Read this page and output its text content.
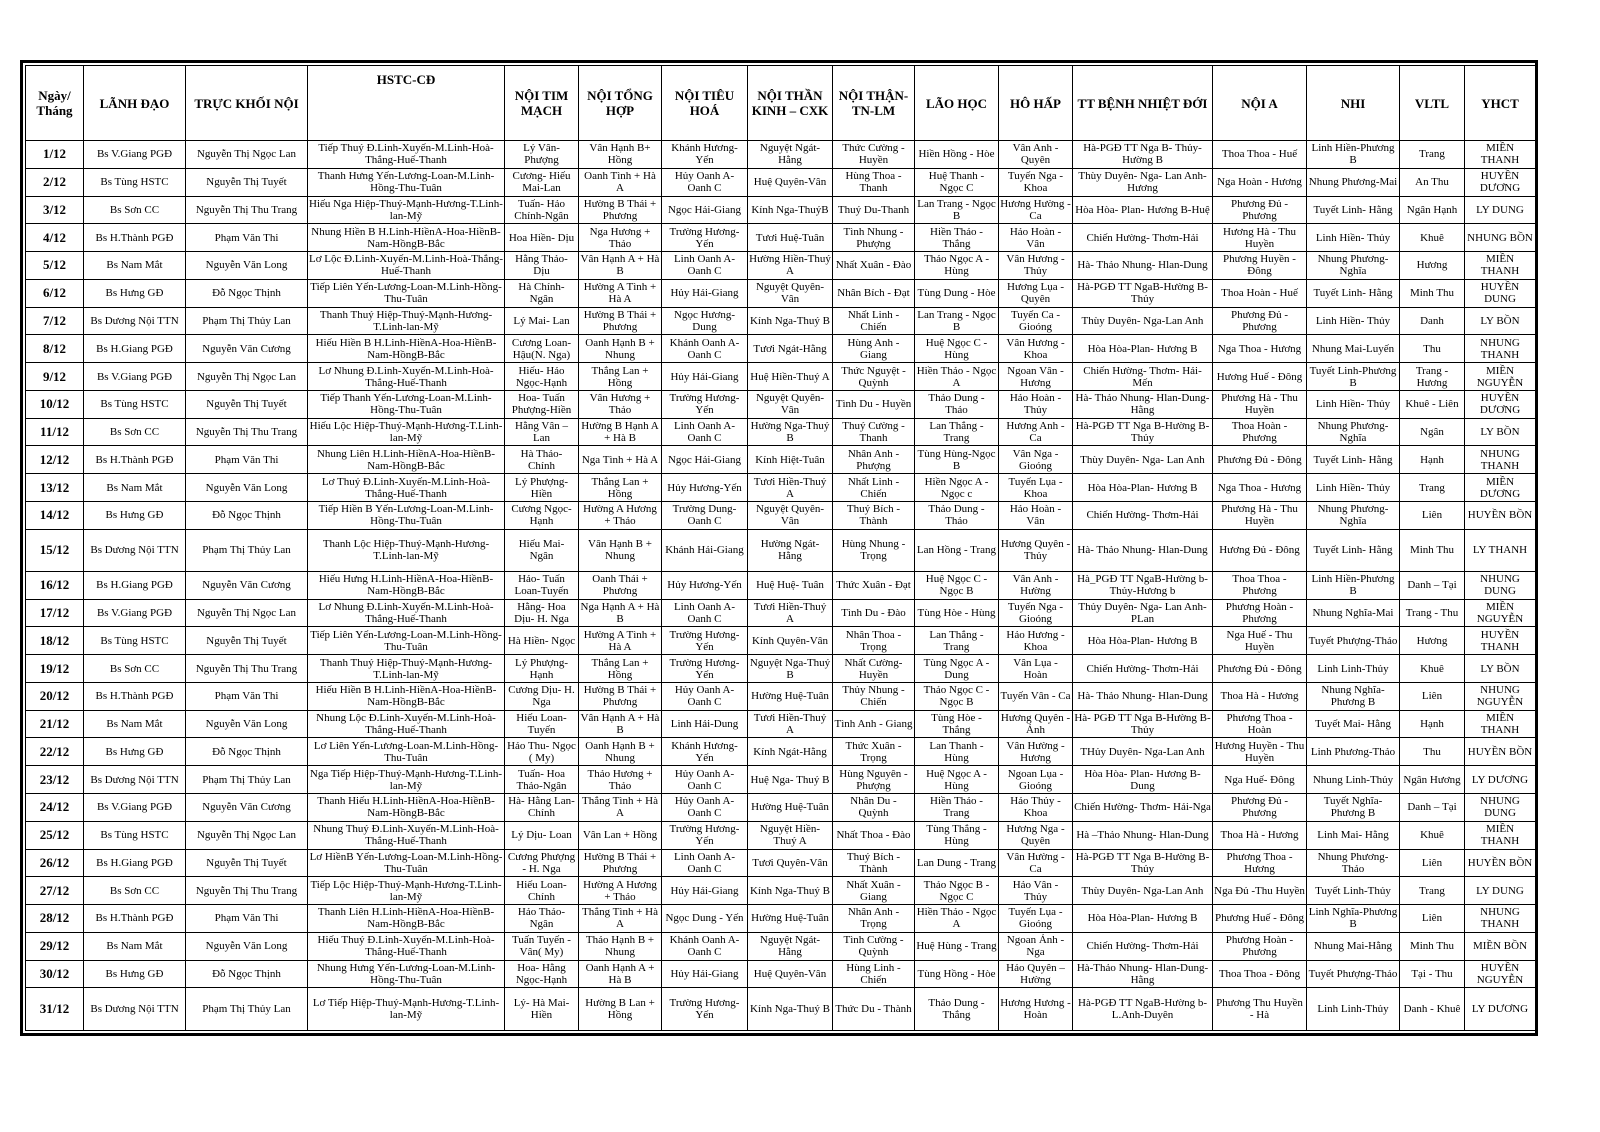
Ngày/ Tháng	LÃNH ĐẠO	TRỰC KHỐI NỘI	HSTC-CĐ	NỘI TIM MẠCH	NỘI TỔNG HỢP	NỘI TIÊU HOÁ	NỘI THẦN KINH – CXK	NỘI THẬN-TN-LM	LÃO HỌC	HÔ HẤP	TT BỆNH NHIỆT ĐỚI	NỘI A	NHI	VLTL	YHCT
1/12	Bs V.Giang PGĐ	Nguyễn Thị Ngọc Lan	Tiếp Thuý Đ.Linh-Xuyến-M.Linh-Hoà-Thắng-Huế-Thanh	Lý Vân- Phượng	Vân Hạnh B+ Hồng	Khánh Hương-Yến	Nguyệt Ngát-Hằng	Thức Cường - Huyền	Hiền Hồng - Hòe	Vân Anh - Quyên	Hà-PGĐ TT Nga B- Thủy-Hường B	Thoa Thoa - Huế	Linh Hiền-Phương B	Trang	MIỀN THANH
2/12	Bs Tùng HSTC	Nguyễn Thị Tuyết	Thanh Hưng Yến-Lương-Loan-M.Linh-Hồng-Thu-Tuân	Cương- Hiếu Mai-Lan	Oanh Tình + Hà A	Hủy Oanh A-Oanh C	Huệ Quyên-Vân	Hùng Thoa - Thanh	Huệ Thanh - Ngọc C	Tuyến Nga - Khoa	Thùy Duyên- Nga- Lan Anh-Hương	Nga Hoàn - Hương	Nhung Phương-Mai	An Thu	HUYỀN DƯƠNG
3/12	Bs Sơn CC	Nguyễn Thị Thu Trang	Hiếu Nga Hiệp-Thuý-Mạnh-Hương-T.Linh-lan-Mỹ	Tuấn- Hảo Chính-Ngân	Hường B Thái + Phương	Ngọc Hải-Giang	Kính Nga-ThuýB	Thuý Du-Thanh	Lan Trang - Ngọc B	Hương Hường - Ca	Hòa Hòa- Plan- Hương B-Huệ	Phương Đủ - Phương	Tuyết Linh- Hằng	Ngân Hạnh	LY DUNG
4/12	Bs H.Thành PGĐ	Phạm Văn Thi	Nhung Hiền B H.Linh-HiềnA-Hoa-HiềnB-Nam-HồngB-Bắc	Hoa Hiền- Dịu	Nga Hương + Thảo	Trường Hương-Yến	Tươi Huệ-Tuân	Tình Nhung - Phượng	Hiền Thảo - Thắng	Hảo Hoàn - Vân	Chiến Hường- Thơm-Hải	Hương Hà - Thu Huyền	Linh Hiền- Thủy	Khuê	NHUNG BỒN
5/12	Bs Nam Mắt	Nguyễn Văn Long	Lơ Lộc Đ.Linh-Xuyến-M.Linh-Hoà-Thắng-Huế-Thanh	Hằng Thảo- Dịu	Vân Hạnh A + Hà B	Linh Oanh A-Oanh C	Hường Hiền-Thuý A	Nhất Xuân - Đào	Thảo Ngọc A - Hùng	Vân Hương - Thủy	Hà- Thảo Nhung- Hlan-Dung	Phương Huyền - Đông	Nhung Phương-Nghĩa	Hương	MIỀN THANH
6/12	Bs Hưng GĐ	Đỗ Ngọc Thịnh	Tiếp Liên Yến-Lương-Loan-M.Linh-Hồng-Thu-Tuân	Hà Chính- Ngân	Hường A Tình + Hà A	Hủy Hải-Giang	Nguyệt Quyên-Vân	Nhân Bích - Đạt	Tùng Dung - Hòe	Hương Lụa - Quyên	Hà-PGĐ TT NgaB-Hường B-Thủy	Thoa Hoàn - Huế	Tuyết Linh- Hằng	Minh Thu	HUYỀN DUNG
7/12	Bs Dương Nội TTN	Phạm Thị Thủy Lan	Thanh Thuý Hiệp-Thuý-Mạnh-Hương-T.Linh-lan-Mỹ	Lý Mai- Lan	Hường B Thái + Phương	Ngọc Hương-Dung	Kính Nga-Thuý B	Nhất Linh - Chiến	Lan Trang - Ngọc B	Tuyến Ca - Gioóng	Thùy Duyên- Nga-Lan Anh	Phương Đủ - Phương	Linh Hiền- Thủy	Danh	LY BỒN
8/12	Bs H.Giang PGĐ	Nguyễn Văn Cương	Hiếu Hiền B H.Linh-HiềnA-Hoa-HiềnB-Nam-HồngB-Bắc	Cương Loan-Hậu(N. Nga)	Oanh Hạnh B + Nhung	Khánh Oanh A-Oanh C	Tươi Ngát-Hằng	Hùng Anh - Giang	Huệ Ngọc C - Hùng	Vân Hương - Khoa	Hòa Hòa-Plan- Hương B	Nga Thoa - Hương	Nhung Mai-Luyến	Thu	NHUNG THANH
9/12	Bs V.Giang PGĐ	Nguyễn Thị Ngọc Lan	Lơ Nhung Đ.Linh-Xuyến-M.Linh-Hoà-Thắng-Huế-Thanh	Hiếu- Hảo Ngọc-Hạnh	Thắng Lan + Hồng	Hủy Hải-Giang	Huệ Hiền-Thuý A	Thức Nguyệt - Quỳnh	Hiền Thảo - Ngọc A	Ngoan Vân - Hương	Chiến Hường- Thơm- Hải-Mến	Hương Huế - Đông	Tuyết Linh-Phương B	Trang - Hương	MIỀN NGUYỄN
10/12	Bs Tùng HSTC	Nguyễn Thị Tuyết	Tiếp Thanh Yến-Lương-Loan-M.Linh-Hồng-Thu-Tuân	Hoa- Tuấn Phượng-Hiền	Vân Hương + Thảo	Trường Hương-Yến	Nguyệt Quyên-Vân	Tình Du - Huyền	Thảo Dung - Thảo	Hảo Hoàn - Thủy	Hà- Thảo Nhung- Hlan-Dung- Hằng	Phương Hà - Thu Huyền	Linh Hiền- Thủy	Khuê - Liên	HUYỀN DƯƠNG
11/12	Bs Sơn CC	Nguyễn Thị Thu Trang	Hiếu Lộc Hiệp-Thuý-Mạnh-Hương-T.Linh-lan-Mỹ	Hằng Vân – Lan	Hường B Hạnh A + Hà B	Linh Oanh A-Oanh C	Hường Nga-Thuý B	Thuý Cường - Thanh	Lan Thắng - Trang	Hương Anh - Ca	Hà-PGĐ TT Nga B-Hường B-Thủy	Thoa Hoàn - Phương	Nhung Phương-Nghĩa	Ngân	LY BỒN
12/12	Bs H.Thành PGĐ	Phạm Văn Thi	Nhung Liên H.Linh-HiềnA-Hoa-HiềnB-Nam-HồngB-Bắc	Hà Thảo- Chính	Nga Tình + Hà A	Ngọc Hải-Giang	Kính Hiệt-Tuân	Nhân Anh - Phượng	Tùng Hùng-Ngọc B	Vân Nga - Gioóng	Thùy Duyên- Nga- Lan Anh	Phương Đủ - Đông	Tuyết Linh- Hằng	Hạnh	NHUNG THANH
13/12	Bs Nam Mắt	Nguyễn Văn Long	Lơ Thuý Đ.Linh-Xuyến-M.Linh-Hoà-Thắng-Huế-Thanh	Lý Phượng- Hiền	Thắng Lan + Hồng	Hủy Hương-Yến	Tươi Hiền-Thuý A	Nhất Linh - Chiến	Hiền Ngọc A - Ngọc c	Tuyến Lụa - Khoa	Hòa Hòa-Plan- Hương B	Nga Thoa - Hương	Linh Hiền- Thủy	Trang	MIỀN DƯƠNG
14/12	Bs Hưng GĐ	Đỗ Ngọc Thịnh	Tiếp Hiền B Yến-Lương-Loan-M.Linh-Hồng-Thu-Tuân	Cương Ngọc- Hạnh	Hường A Hương + Thảo	Trường Dung-Oanh C	Nguyệt Quyên-Vân	Thuý Bích - Thành	Thảo Dung - Thảo	Hảo Hoàn - Vân	Chiến Hường- Thơm-Hải	Phương Hà - Thu Huyền	Nhung Phương-Nghĩa	Liên	HUYỀN BỒN
15/12	Bs Dương Nội TTN	Phạm Thị Thủy Lan	Thanh Lộc Hiệp-Thuý-Mạnh-Hương-T.Linh-lan-Mỹ	Hiếu Mai- Ngân	Vân Hạnh B + Nhung	Khánh Hải-Giang	Hường Ngát-Hằng	Hùng Nhung - Trọng	Lan Hồng - Trang	Hương Quyên - Thủy	Hà- Thảo Nhung- Hlan-Dung	Hương Đủ - Đông	Tuyết Linh- Hằng	Minh Thu	LY THANH
16/12	Bs H.Giang PGĐ	Nguyễn Văn Cương	Hiếu Hưng H.Linh-HiềnA-Hoa-HiềnB-Nam-HồngB-Bắc	Hảo- Tuấn Loan-Tuyến	Oanh Thái + Phương	Hủy Hương-Yến	Huệ Huệ- Tuân	Thức Xuân - Đạt	Huệ Ngọc C - Ngọc B	Vân Anh - Hường	Hà_PGĐ TT NgaB-Hường b-Thủy-Hương b	Thoa Thoa - Phương	Linh Hiền-Phương B	Danh – Tại	NHUNG DUNG
17/12	Bs V.Giang PGĐ	Nguyễn Thị Ngọc Lan	Lơ Nhung Đ.Linh-Xuyến-M.Linh-Hoà-Thắng-Huế-Thanh	Hằng- Hoa Dịu- H. Nga	Nga Hạnh A + Hà B	Linh Oanh A-Oanh C	Tươi Hiền-Thuý A	Tình Du - Đào	Tùng Hòe - Hùng	Tuyến Nga - Gioóng	Thủy Duyên- Nga- Lan Anh-PLan	Phương Hoàn - Phương	Nhung Nghĩa-Mai	Trang - Thu	MIỀN NGUYỄN
18/12	Bs Tùng HSTC	Nguyễn Thị Tuyết	Tiếp Liên Yến-Lương-Loan-M.Linh-Hồng-Thu-Tuân	Hà Hiền- Ngọc	Hường A Tình + Hà A	Trường Hương-Yến	Kính Quyên-Vân	Nhân Thoa - Trọng	Lan Thắng - Trang	Hảo Hương - Khoa	Hòa Hòa-Plan- Hương B	Nga Huế - Thu Huyền	Tuyết Phượng-Thảo	Hương	HUYỀN THANH
19/12	Bs Sơn CC	Nguyễn Thị Thu Trang	Thanh Thuý Hiệp-Thuý-Mạnh-Hương-T.Linh-lan-Mỹ	Lý Phượng- Hạnh	Thắng Lan + Hồng	Trường Hương-Yến	Nguyệt Nga-Thuý B	Nhất Cường-Huyền	Tùng Ngọc A - Dung	Vân Lụa - Hoàn	Chiến Hường- Thơm-Hải	Phương Đủ - Đông	Linh Linh-Thủy	Khuê	LY BỒN
20/12	Bs H.Thành PGĐ	Phạm Văn Thi	Hiếu Hiền B H.Linh-HiềnA-Hoa-HiềnB-Nam-HồngB-Bắc	Cương Dịu- H. Nga	Hường B Thái + Phương	Hủy Oanh A-Oanh C	Hường Huệ-Tuân	Thủy Nhung - Chiến	Thảo Ngọc C - Ngọc B	Tuyến Vân - Ca	Hà- Thảo Nhung- Hlan-Dung	Thoa Hà - Hương	Nhung Nghĩa-Phương B	Liên	NHUNG NGUYỄN
21/12	Bs Nam Mắt	Nguyễn Văn Long	Nhung Lộc Đ.Linh-Xuyến-M.Linh-Hoà-Thắng-Huế-Thanh	Hiếu Loan- Tuyến	Vân Hạnh A + Hà B	Linh Hải-Dung	Tươi Hiền-Thuý A	Tình Anh - Giang	Tùng Hòe - Thắng	Hương Quyên - Ảnh	Hà- PGĐ TT Nga B-Hường B-Thủy	Phương Thoa - Hoàn	Tuyết Mai- Hằng	Hạnh	MIỀN THANH
22/12	Bs Hưng GĐ	Đỗ Ngọc Thịnh	Lơ Liên Yến-Lương-Loan-M.Linh-Hồng-Thu-Tuân	Hảo Thu- Ngọc ( My)	Oanh Hạnh B + Nhung	Khánh Hương-Yến	Kính Ngát-Hằng	Thức Xuân - Trọng	Lan Thanh - Hùng	Vân Hường - Hương	THủy Duyên- Nga-Lan Anh	Hương Huyền - Thu Huyền	Linh Phương-Thảo	Thu	HUYỀN BỒN
23/12	Bs Dương Nội TTN	Phạm Thị Thủy Lan	Nga Tiếp Hiệp-Thuý-Mạnh-Hương-T.Linh-lan-Mỹ	Tuấn- Hoa Thảo-Ngân	Thảo Hương + Thảo	Hủy Oanh A-Oanh C	Huệ Nga- Thuý B	Hùng Nguyên - Phượng	Huệ Ngọc A - Hùng	Ngoan Lụa - Gioóng	Hòa Hòa- Plan- Hương B-Dung	Nga Huế- Đông	Nhung Linh-Thủy	Ngân Hương	LY DƯƠNG
24/12	Bs V.Giang PGĐ	Nguyễn Văn Cương	Thanh Hiếu H.Linh-HiềnA-Hoa-HiềnB-Nam-HồngB-Bắc	Hà- Hằng Lan-Chính	Thắng Tình + Hà A	Hủy Oanh A-Oanh C	Hường Huệ-Tuân	Nhân Du - Quỳnh	Hiền Thảo - Trang	Hảo Thủy - Khoa	Chiến Hường- Thơm- Hải-Nga	Phương Đủ - Phương	Tuyết Nghĩa-Phương B	Danh – Tại	NHUNG DUNG
25/12	Bs Tùng HSTC	Nguyễn Thị Ngọc Lan	Nhung Thuý Đ.Linh-Xuyến-M.Linh-Hoà-Thắng-Huế-Thanh	Lý Dịu- Loan	Vân Lan + Hồng	Trường Hương-Yến	Nguyệt Hiền-Thuý A	Nhất Thoa - Đào	Tùng Thắng - Hùng	Hương Nga - Quyên	Hà –Thảo Nhung- Hlan-Dung	Thoa Hà - Hương	Linh Mai- Hằng	Khuê	MIỀN THANH
26/12	Bs H.Giang PGĐ	Nguyễn Thị Tuyết	Lơ HiềnB Yến-Lương-Loan-M.Linh-Hồng-Thu-Tuân	Cương Phượng - H. Nga	Hường B Thái + Phương	Linh Oanh A-Oanh C	Tươi Quyên-Vân	Thuý Bích - Thành	Lan Dung - Trang	Vân Hường - Ca	Hà-PGĐ TT Nga B-Hường B-Thủy	Phương Thoa - Hương	Nhung Phương-Thảo	Liên	HUYỀN BỒN
27/12	Bs Sơn CC	Nguyễn Thị Thu Trang	Tiếp Lộc Hiệp-Thuý-Mạnh-Hương-T.Linh-lan-Mỹ	Hiếu Loan- Chính	Hường A Hương + Thảo	Hủy Hải-Giang	Kính Nga-Thuý B	Nhất Xuân - Giang	Thảo Ngọc B - Ngọc C	Hảo Vân - Thủy	Thùy Duyên- Nga-Lan Anh	Nga Đủ -Thu Huyền	Tuyết Linh-Thủy	Trang	LY DUNG
28/12	Bs H.Thành PGĐ	Phạm Văn Thi	Thanh Liên H.Linh-HiềnA-Hoa-HiềnB-Nam-HồngB-Bắc	Hảo Thảo- Ngân	Thắng Tình + Hà A	Ngọc Dung - Yến	Hường Huệ-Tuân	Nhân Anh - Trọng	Hiền Thảo - Ngọc A	Tuyến Lụa - Gioóng	Hòa Hòa-Plan- Hương B	Phương Huế - Đông	Linh Nghĩa-Phương B	Liên	NHUNG THANH
29/12	Bs Nam Mắt	Nguyễn Văn Long	Hiếu Thuý Đ.Linh-Xuyến-M.Linh-Hoà-Thắng-Huế-Thanh	Tuấn Tuyến - Vân( My)	Thảo Hạnh B + Nhung	Khánh Oanh A-Oanh C	Nguyệt Ngát-Hằng	Tình Cường - Quỳnh	Huệ Hùng - Trang	Ngoan Ảnh - Nga	Chiến Hường- Thơm-Hải	Phương Hoàn - Phương	Nhung Mai-Hằng	Minh Thu	MIỀN BỒN
30/12	Bs Hưng GĐ	Đỗ Ngọc Thịnh	Nhung Hưng Yến-Lương-Loan-M.Linh-Hồng-Thu-Tuân	Hoa- Hằng Ngọc-Hạnh	Oanh Hạnh A + Hà B	Hủy Hải-Giang	Huệ Quyên-Vân	Hùng Linh - Chiến	Tùng Hồng - Hòe	Hảo Quyên – Hường	Hà-Thảo Nhung- Hlan-Dung- Hằng	Thoa Thoa - Đông	Tuyết Phượng-Thảo	Tại - Thu	HUYỀN NGUYỄN
31/12	Bs Dương Nội TTN	Phạm Thị Thủy Lan	Lơ Tiếp Hiệp-Thuý-Mạnh-Hương-T.Linh-lan-Mỹ	Lý- Hà Mai- Hiền	Hường B Lan + Hồng	Trường Hương-Yến	Kính Nga-Thuý B	Thức Du - Thành	Thảo Dung - Thắng	Hương Hương - Hoàn	Hà-PGĐ TT NgaB-Hường b-L.Anh-Duyên	Phương Thu Huyền - Hà	Linh Linh-Thủy	Danh - Khuê	LY DƯƠNG
